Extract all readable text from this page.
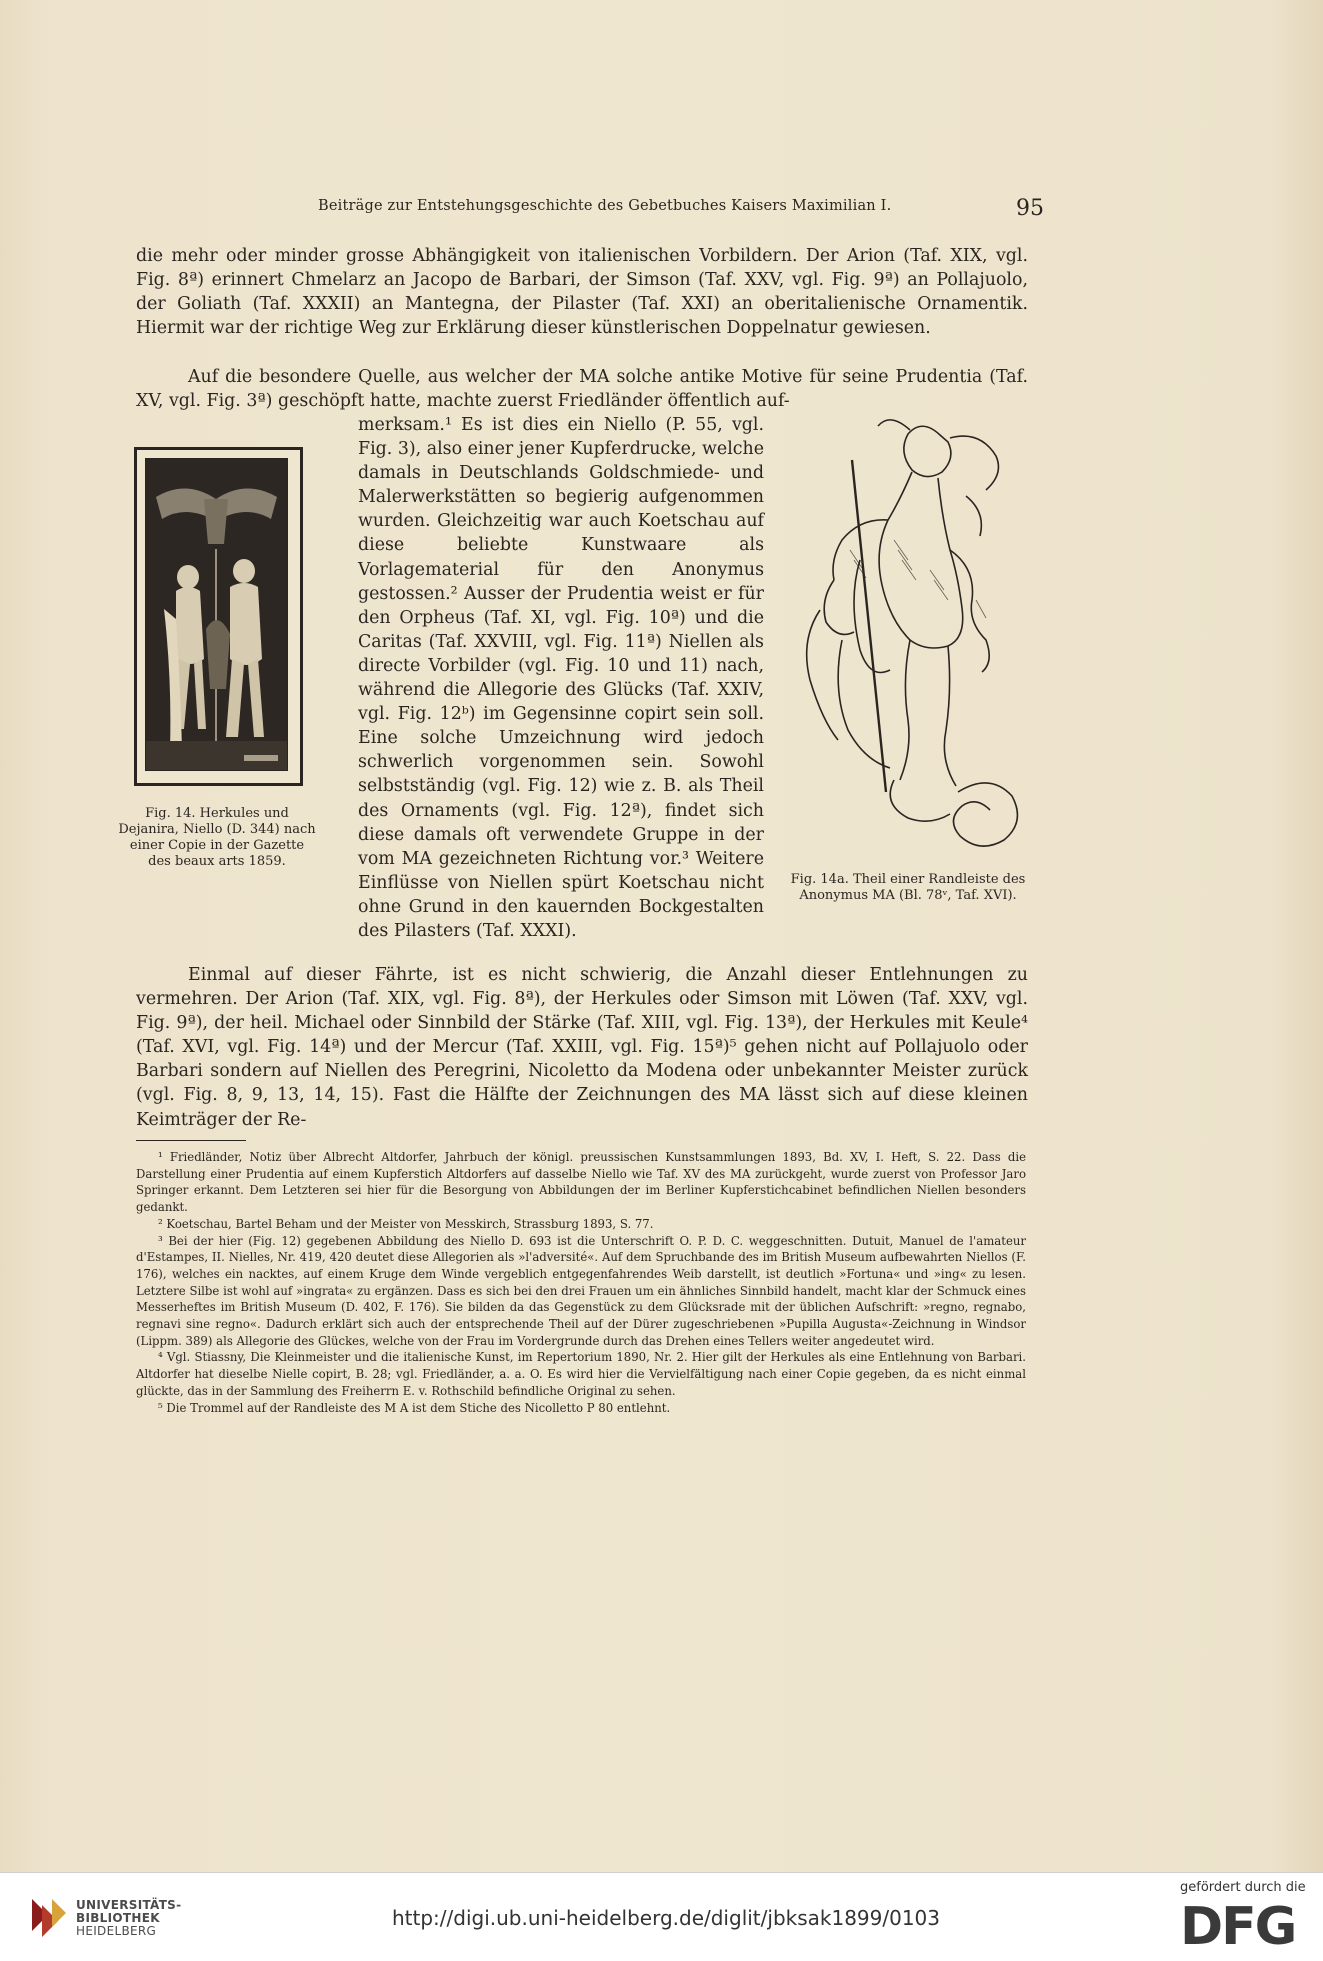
Beiträge zur Entstehungsgeschichte des Gebetbuches Kaisers Maximilian I.	95

die mehr oder minder grosse Abhängigkeit von italienischen Vorbildern. Der Arion (Taf. XIX, vgl. Fig. 8ª) erinnert Chmelarz an Jacopo de Barbari, der Simson (Taf. XXV, vgl. Fig. 9ª) an Pollajuolo, der Goliath (Taf. XXXII) an Mantegna, der Pilaster (Taf. XXI) an oberitalienische Ornamentik. Hiermit war der richtige Weg zur Erklärung dieser künstlerischen Doppelnatur gewiesen.

Auf die besondere Quelle, aus welcher der MA solche antike Motive für seine Prudentia (Taf. XV, vgl. Fig. 3ª) geschöpft hatte, machte zuerst Friedländer öffentlich auf-

merksam.¹ Es ist dies ein Niello (P. 55, vgl. Fig. 3), also einer jener Kupferdrucke, welche damals in Deutschlands Goldschmiede- und Malerwerkstätten so begierig aufgenommen wurden. Gleichzeitig war auch Koetschau auf diese beliebte Kunstwaare als Vorlagematerial für den Anonymus gestossen.² Ausser der Prudentia weist er für den Orpheus (Taf. XI, vgl. Fig. 10ª) und die Caritas (Taf. XXVIII, vgl. Fig. 11ª) Niellen als directe Vorbilder (vgl. Fig. 10 und 11) nach, während die Allegorie des Glücks (Taf. XXIV, vgl. Fig. 12ᵇ) im Gegensinne copirt sein soll. Eine solche Umzeichnung wird jedoch schwerlich vorgenommen sein. Sowohl selbstständig (vgl. Fig. 12) wie z. B. als Theil des Ornaments (vgl. Fig. 12ª), findet sich diese damals oft verwendete Gruppe in der vom MA gezeichneten Richtung vor.³ Weitere Einflüsse von Niellen spürt Koetschau nicht ohne Grund in den kauernden Bockgestalten des Pilasters (Taf. XXXI).

Einmal auf dieser Fährte, ist es nicht schwierig, die Anzahl dieser Entlehnungen zu vermehren. Der Arion (Taf. XIX, vgl. Fig. 8ª), der Herkules oder Simson mit Löwen (Taf. XXV, vgl. Fig. 9ª), der heil. Michael oder Sinnbild der Stärke (Taf. XIII, vgl. Fig. 13ª), der Herkules mit Keule⁴ (Taf. XVI, vgl. Fig. 14ª) und der Mercur (Taf. XXIII, vgl. Fig. 15ª)⁵ gehen nicht auf Pollajuolo oder Barbari sondern auf Niellen des Peregrini, Nicoletto da Modena oder unbekannter Meister zurück (vgl. Fig. 8, 9, 13, 14, 15). Fast die Hälfte der Zeichnungen des MA lässt sich auf diese kleinen Keimträger der Re-

Fig. 14. Herkules und Dejanira, Niello (D. 344) nach einer Copie in der Gazette des beaux arts 1859.
Fig. 14a. Theil einer Randleiste des Anonymus MA (Bl. 78ᵛ, Taf. XVI).

¹ Friedländer, Notiz über Albrecht Altdorfer, Jahrbuch der königl. preussischen Kunstsammlungen 1893, Bd. XV, I. Heft, S. 22. Dass die Darstellung einer Prudentia auf einem Kupferstich Altdorfers auf dasselbe Niello wie Taf. XV des MA zurückgeht, wurde zuerst von Professor Jaro Springer erkannt. Dem Letzteren sei hier für die Besorgung von Abbildungen der im Berliner Kupferstichcabinet befindlichen Niellen besonders gedankt.

² Koetschau, Bartel Beham und der Meister von Messkirch, Strassburg 1893, S. 77.

³ Bei der hier (Fig. 12) gegebenen Abbildung des Niello D. 693 ist die Unterschrift O. P. D. C. weggeschnitten. Dutuit, Manuel de l'amateur d'Estampes, II. Nielles, Nr. 419, 420 deutet diese Allegorien als »l'adversité«. Auf dem Spruchbande des im British Museum aufbewahrten Niellos (F. 176), welches ein nacktes, auf einem Kruge dem Winde vergeblich entgegenfahrendes Weib darstellt, ist deutlich »Fortuna« und »ing« zu lesen. Letztere Silbe ist wohl auf »ingrata« zu ergänzen. Dass es sich bei den drei Frauen um ein ähnliches Sinnbild handelt, macht klar der Schmuck eines Messerheftes im British Museum (D. 402, F. 176). Sie bilden da das Gegenstück zu dem Glücksrade mit der üblichen Aufschrift: »regno, regnabo, regnavi sine regno«. Dadurch erklärt sich auch der entsprechende Theil auf der Dürer zugeschriebenen »Pupilla Augusta«-Zeichnung in Windsor (Lippm. 389) als Allegorie des Glückes, welche von der Frau im Vordergrunde durch das Drehen eines Tellers weiter angedeutet wird.

⁴ Vgl. Stiassny, Die Kleinmeister und die italienische Kunst, im Repertorium 1890, Nr. 2. Hier gilt der Herkules als eine Entlehnung von Barbari. Altdorfer hat dieselbe Nielle copirt, B. 28; vgl. Friedländer, a. a. O. Es wird hier die Vervielfältigung nach einer Copie gegeben, da es nicht einmal glückte, das in der Sammlung des Freiherrn E. v. Rothschild befindliche Original zu sehen.

⁵ Die Trommel auf der Randleiste des M A ist dem Stiche des Nicolletto P 80 entlehnt.

UNIVERSITÄTS-
BIBLIOTHEK
HEIDELBERG
http://digi.ub.uni-heidelberg.de/diglit/jbksak1899/0103
gefördert durch die
DFG
